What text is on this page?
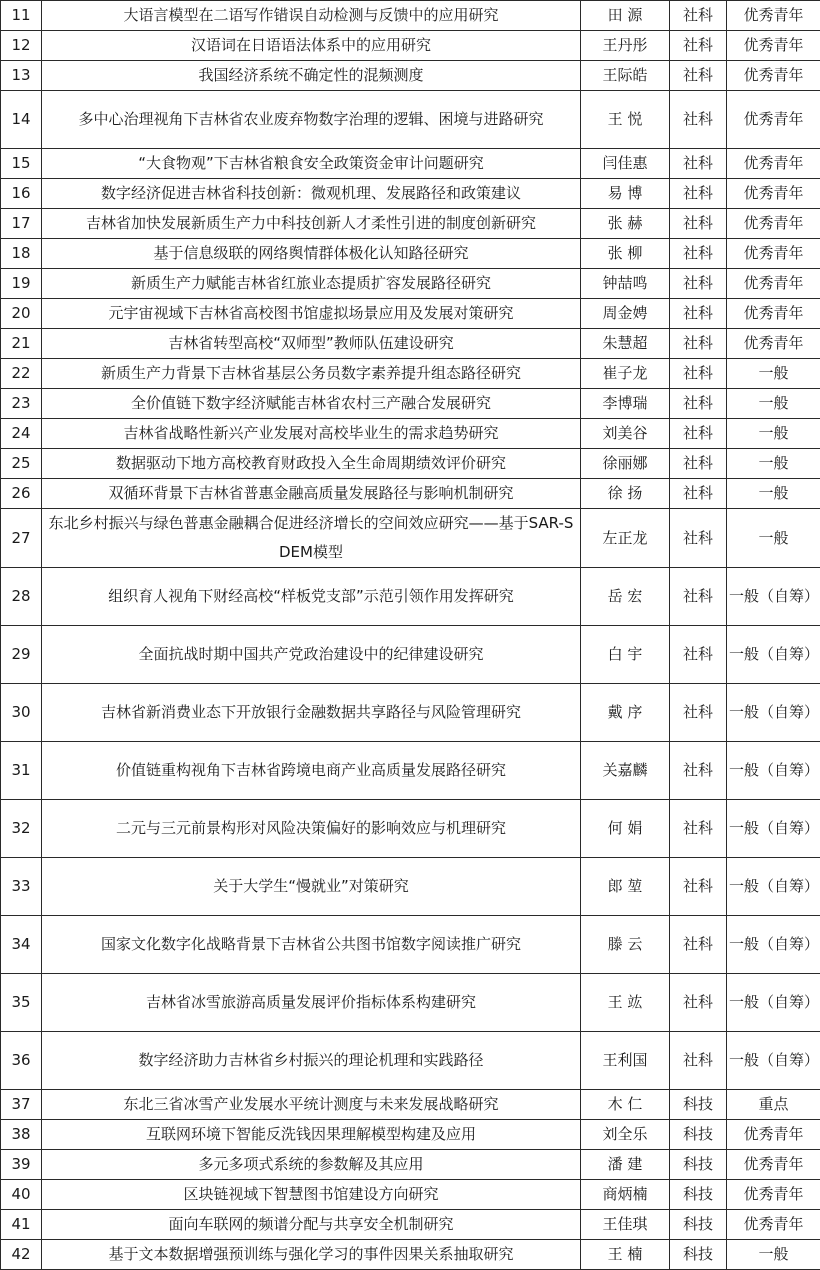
11	大语言模型在二语写作错误自动检测与反馈中的应用研究	田 源	社科	优秀青年
12	汉语词在日语语法体系中的应用研究	王丹彤	社科	优秀青年
13	我国经济系统不确定性的混频测度	王际皓	社科	优秀青年
14	多中心治理视角下吉林省农业废弃物数字治理的逻辑、困境与进路研究	王 悦	社科	优秀青年
15	“大食物观”下吉林省粮食安全政策资金审计问题研究	闫佳惠	社科	优秀青年
16	数字经济促进吉林省科技创新：微观机理、发展路径和政策建议	易 博	社科	优秀青年
17	吉林省加快发展新质生产力中科技创新人才柔性引进的制度创新研究	张 赫	社科	优秀青年
18	基于信息级联的网络舆情群体极化认知路径研究	张 柳	社科	优秀青年
19	新质生产力赋能吉林省红旅业态提质扩容发展路径研究	钟喆鸣	社科	优秀青年
20	元宇宙视域下吉林省高校图书馆虚拟场景应用及发展对策研究	周金娉	社科	优秀青年
21	吉林省转型高校“双师型”教师队伍建设研究	朱慧超	社科	优秀青年
22	新质生产力背景下吉林省基层公务员数字素养提升组态路径研究	崔子龙	社科	一般
23	全价值链下数字经济赋能吉林省农村三产融合发展研究	李博瑞	社科	一般
24	吉林省战略性新兴产业发展对高校毕业生的需求趋势研究	刘美谷	社科	一般
25	数据驱动下地方高校教育财政投入全生命周期绩效评价研究	徐丽娜	社科	一般
26	双循环背景下吉林省普惠金融高质量发展路径与影响机制研究	徐 扬	社科	一般
27	东北乡村振兴与绿色普惠金融耦合促进经济增长的空间效应研究——基于SAR-SDEM模型	左正龙	社科	一般
28	组织育人视角下财经高校“样板党支部”示范引领作用发挥研究	岳 宏	社科	一般（自筹）
29	全面抗战时期中国共产党政治建设中的纪律建设研究	白 宇	社科	一般（自筹）
30	吉林省新消费业态下开放银行金融数据共享路径与风险管理研究	戴 序	社科	一般（自筹）
31	价值链重构视角下吉林省跨境电商产业高质量发展路径研究	关嘉麟	社科	一般（自筹）
32	二元与三元前景构形对风险决策偏好的影响效应与机理研究	何 娟	社科	一般（自筹）
33	关于大学生“慢就业”对策研究	郎 堃	社科	一般（自筹）
34	国家文化数字化战略背景下吉林省公共图书馆数字阅读推广研究	滕 云	社科	一般（自筹）
35	吉林省冰雪旅游高质量发展评价指标体系构建研究	王 竑	社科	一般（自筹）
36	数字经济助力吉林省乡村振兴的理论机理和实践路径	王利国	社科	一般（自筹）
37	东北三省冰雪产业发展水平统计测度与未来发展战略研究	木 仁	科技	重点
38	互联网环境下智能反洗钱因果理解模型构建及应用	刘全乐	科技	优秀青年
39	多元多项式系统的参数解及其应用	潘 建	科技	优秀青年
40	区块链视域下智慧图书馆建设方向研究	商炳楠	科技	优秀青年
41	面向车联网的频谱分配与共享安全机制研究	王佳琪	科技	优秀青年
42	基于文本数据增强预训练与强化学习的事件因果关系抽取研究	王 楠	科技	一般
